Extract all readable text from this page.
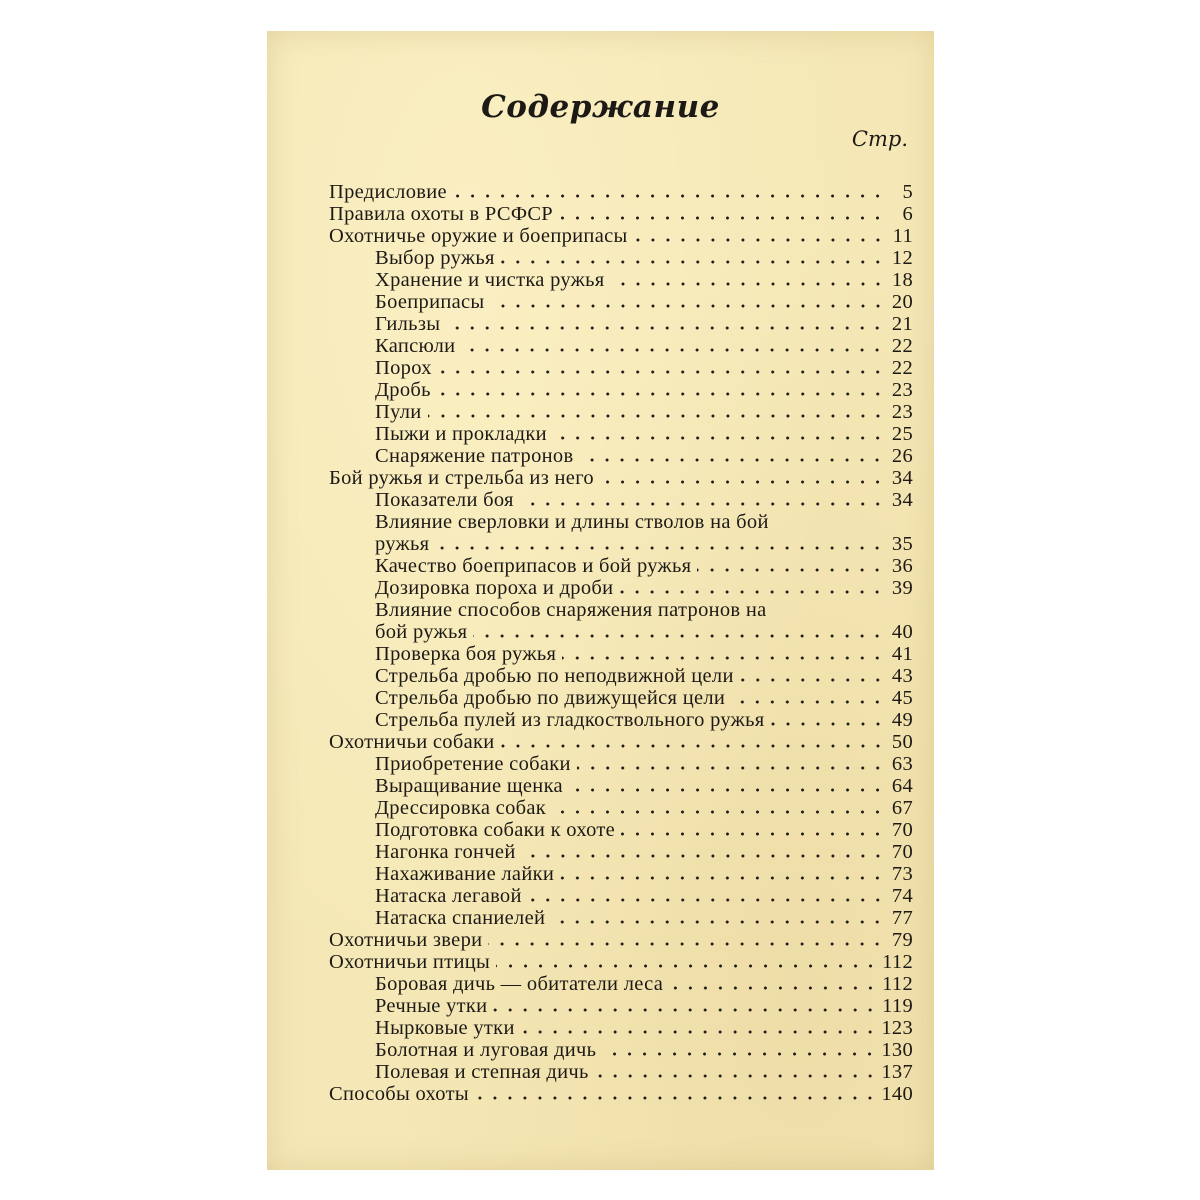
Содержание
Стр.
Предисловие	5
Правила охоты в РСФСР	6
Охотничье оружие и боеприпасы	11
Выбор ружья	12
Хранение и чистка ружья	18
Боеприпасы	20
Гильзы	21
Капсюли	22
Порох	22
Дробь	23
Пули	23
Пыжи и прокладки	25
Снаряжение патронов	26
Бой ружья и стрельба из него	34
Показатели боя	34
Влияние сверловки и длины стволов на бой
ружья	35
Качество боеприпасов и бой ружья	36
Дозировка пороха и дроби	39
Влияние способов снаряжения патронов на
бой ружья	40
Проверка боя ружья	41
Стрельба дробью по неподвижной цели	43
Стрельба дробью по движущейся цели	45
Стрельба пулей из гладкоствольного ружья	49
Охотничьи собаки	50
Приобретение собаки	63
Выращивание щенка	64
Дрессировка собак	67
Подготовка собаки к охоте	70
Нагонка гончей	70
Нахаживание лайки	73
Натаска легавой	74
Натаска спаниелей	77
Охотничьи звери	79
Охотничьи птицы	112
Боровая дичь — обитатели леса	112
Речные утки	119
Нырковые утки	123
Болотная и луговая дичь	130
Полевая и степная дичь	137
Способы охоты	140
